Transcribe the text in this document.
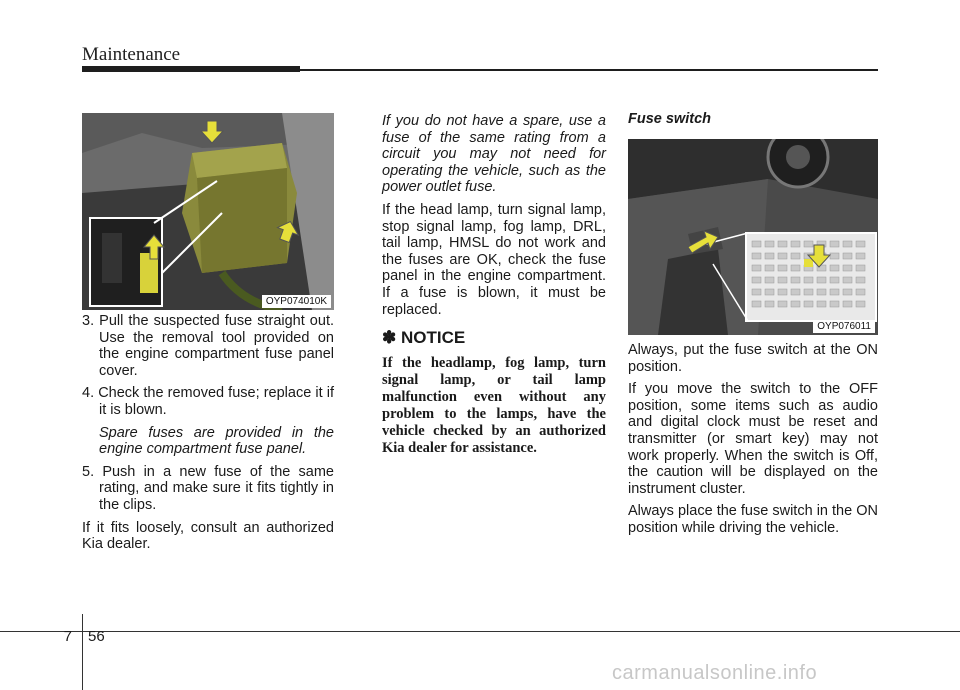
Maintenance
OYP074010K

3. Pull the suspected fuse straight out. Use the removal tool provided on the engine compartment fuse panel cover.

4. Check the removed fuse; replace it if it is blown.

Spare fuses are provided in the engine compartment fuse panel.

5. Push in a new fuse of the same rating, and make sure it fits tightly in the clips.

If it fits loosely, consult an authorized Kia dealer.

If you do not have a spare, use a fuse of the same rating from a circuit you may not need for operating the vehicle, such as the power outlet fuse.

If the head lamp, turn signal lamp, stop signal lamp, fog lamp, DRL, tail lamp, HMSL do not work and the fuses are OK, check the fuse panel in the engine compartment. If a fuse is blown, it must be replaced.

✽ NOTICE
If the headlamp, fog lamp, turn signal lamp, or tail lamp malfunction even without any problem to the lamps, have the vehicle checked by an authorized Kia dealer for assistance.
Fuse switch
OYP076011

Always, put the fuse switch at the ON position.

If you move the switch to the OFF position, some items such as audio and digital clock must be reset and transmitter (or smart key) may not work properly. When the switch is Off, the caution will be displayed on the instrument cluster.

Always place the fuse switch in the ON position while driving the vehicle.

7 56
carmanualsonline.info
